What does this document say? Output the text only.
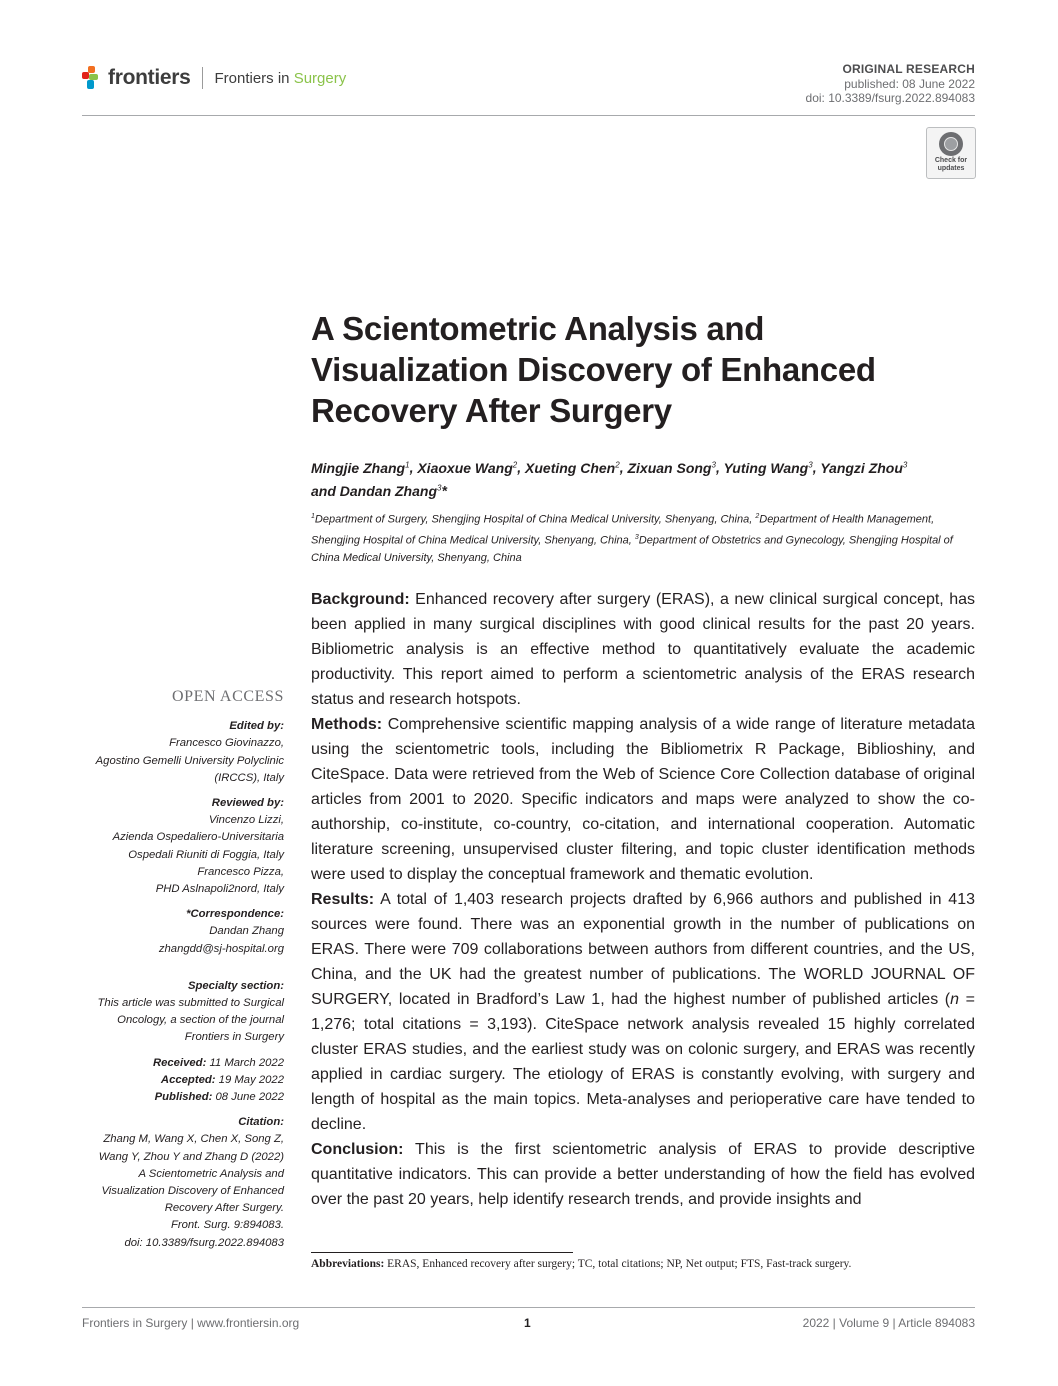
frontiers Frontiers in Surgery
ORIGINAL RESEARCH
published: 08 June 2022
doi: 10.3389/fsurg.2022.894083
Check for
updates
A Scientometric Analysis and
Visualization Discovery of Enhanced
Recovery After Surgery
Mingjie Zhang$^1$, Xiaoxue Wang$^2$, Xueting Chen$^2$, Zixuan Song$^3$, Yuting Wang$^3$, Yangzi Zhou$^3$
and Dandan Zhang$^3$*
$^1$Department of Surgery, Shengjing Hospital of China Medical University, Shenyang, China, $^2$Department of Health Management, Shengjing Hospital of China Medical University, Shenyang, China, $^3$Department of Obstetrics and Gynecology, Shengjing Hospital of China Medical University, Shenyang, China

Background: Enhanced recovery after surgery (ERAS), a new clinical surgical concept, has been applied in many surgical disciplines with good clinical results for the past 20 years. Bibliometric analysis is an effective method to quantitatively evaluate the academic productivity. This report aimed to perform a scientometric analysis of the ERAS research status and research hotspots.

Methods: Comprehensive scientific mapping analysis of a wide range of literature metadata using the scientometric tools, including the Bibliometrix R Package, Biblioshiny, and CiteSpace. Data were retrieved from the Web of Science Core Collection database of original articles from 2001 to 2020. Specific indicators and maps were analyzed to show the co-authorship, co-institute, co-country, co-citation, and international cooperation. Automatic literature screening, unsupervised cluster filtering, and topic cluster identification methods were used to display the conceptual framework and thematic evolution.

Results: A total of 1,403 research projects drafted by 6,966 authors and published in 413 sources were found. There was an exponential growth in the number of publications on ERAS. There were 709 collaborations between authors from different countries, and the US, China, and the UK had the greatest number of publications. The WORLD JOURNAL OF SURGERY, located in Bradford’s Law 1, had the highest number of published articles (n = 1,276; total citations = 3,193). CiteSpace network analysis revealed 15 highly correlated cluster ERAS studies, and the earliest study was on colonic surgery, and ERAS was recently applied in cardiac surgery. The etiology of ERAS is constantly evolving, with surgery and length of hospital as the main topics. Meta-analyses and perioperative care have tended to decline.

Conclusion: This is the first scientometric analysis of ERAS to provide descriptive quantitative indicators. This can provide a better understanding of how the field has evolved over the past 20 years, help identify research trends, and provide insights and

Abbreviations: ERAS, Enhanced recovery after surgery; TC, total citations; NP, Net output; FTS, Fast-track surgery.
OPEN ACCESS
Edited by:
Francesco Giovinazzo,
Agostino Gemelli University Polyclinic
(IRCCS), Italy
Reviewed by:
Vincenzo Lizzi,
Azienda Ospedaliero-Universitaria
Ospedali Riuniti di Foggia, Italy
Francesco Pizza,
PHD Aslnapoli2nord, Italy
*Correspondence:
Dandan Zhang
zhangdd@sj-hospital.org
Specialty section:
This article was submitted to Surgical
Oncology, a section of the journal
Frontiers in Surgery
Received: 11 March 2022
Accepted: 19 May 2022
Published: 08 June 2022
Citation:
Zhang M, Wang X, Chen X, Song Z,
Wang Y, Zhou Y and Zhang D (2022)
A Scientometric Analysis and
Visualization Discovery of Enhanced
Recovery After Surgery.
Front. Surg. 9:894083.
doi: 10.3389/fsurg.2022.894083
Frontiers in Surgery | www.frontiersin.org	1	2022 | Volume 9 | Article 894083
